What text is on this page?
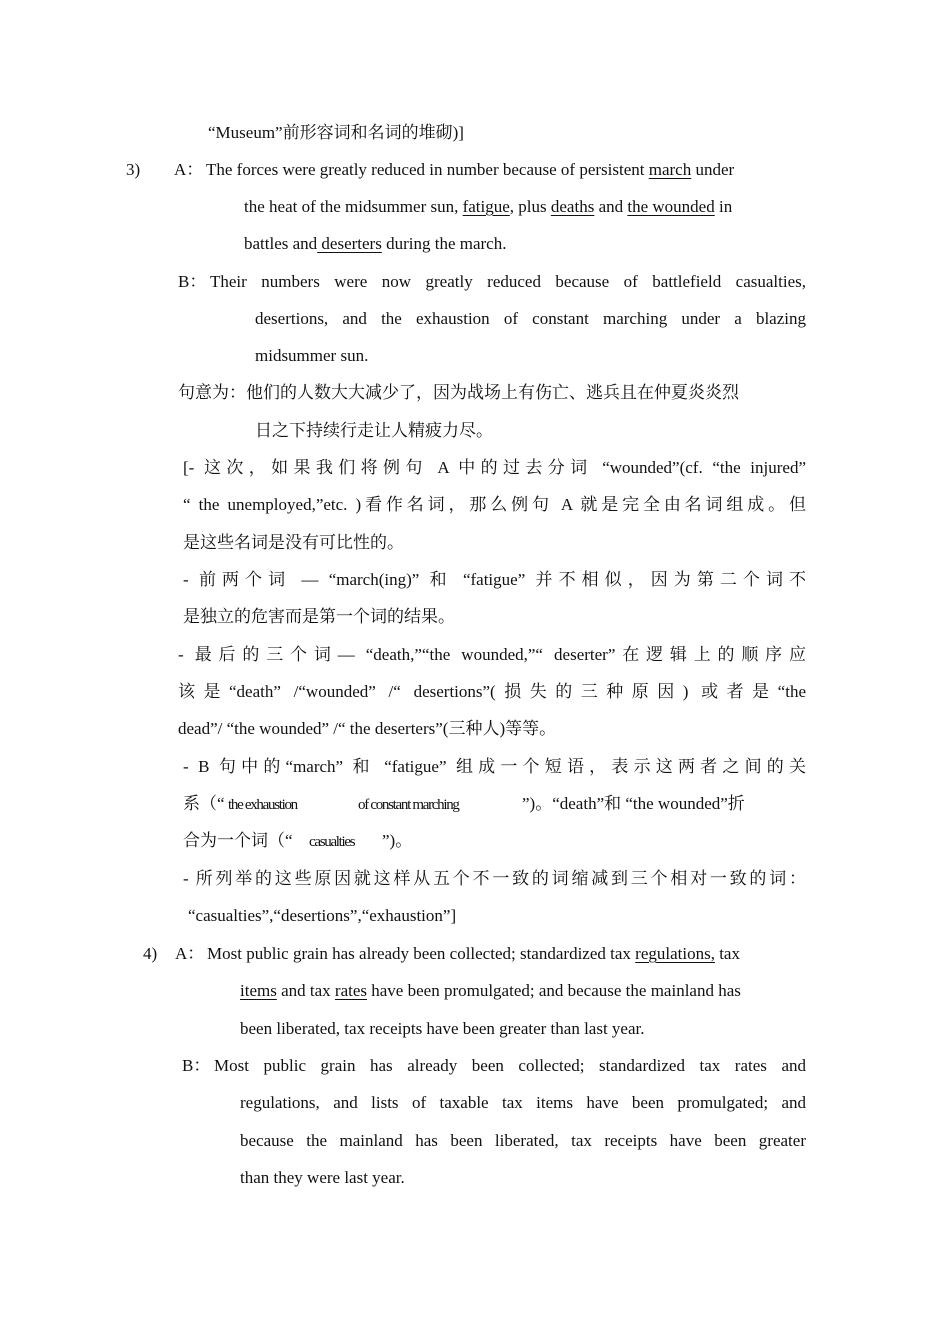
“Museum”前形容词和名词的堆砌)]
3) A： The forces were greatly reduced in number because of persistent march under
the heat of the midsummer sun, fatigue, plus deaths and the wounded in
battles and deserters during the march.
B： Their numbers were now greatly reduced because of battlefield casualties,
desertions, and the exhaustion of constant marching under a blazing
midsummer sun.
句意为：他们的人数大大减少了，因为战场上有伤亡、逃兵且在仲夏炎炎烈
日之下持续行走让人精疲力尽。
[- 这次，如果我们将例句 A 中的过去分词 “wounded”(cf. “the injured”
“ the unemployed,”etc. )看作名词，那么例句 A 就是完全由名词组成。但
是这些名词是没有可比性的。
- 前两个词 — “march(ing)” 和 “fatigue” 并不相似，因为第二个词不
是独立的危害而是第一个词的结果。
- 最后的三个词— “death,”“the wounded,”“ deserter”在逻辑上的顺序应
该是“death” /“wounded” /“ desertions”(损失的三种原因) 或者是“the
dead”/ “the wounded” /“ the deserters”(三种人)等等。
- B 句中的“march” 和 “fatigue” 组成一个短语，表示这两者之间的关
系（“ the exhaustion	of constant marching	”)。“death”和 “the wounded”折
合为一个词（“ casualties ”)。
- 所列举的这些原因就这样从五个不一致的词缩减到三个相对一致的词：
“casualties”,“desertions”,“exhaustion”]
4) A： Most public grain has already been collected; standardized tax regulations, tax
items and tax rates have been promulgated; and because the mainland has
been liberated, tax receipts have been greater than last year.
B： Most public grain has already been collected; standardized tax rates and
regulations, and lists of taxable tax items have been promulgated; and
because the mainland has been liberated, tax receipts have been greater
than they were last year.
